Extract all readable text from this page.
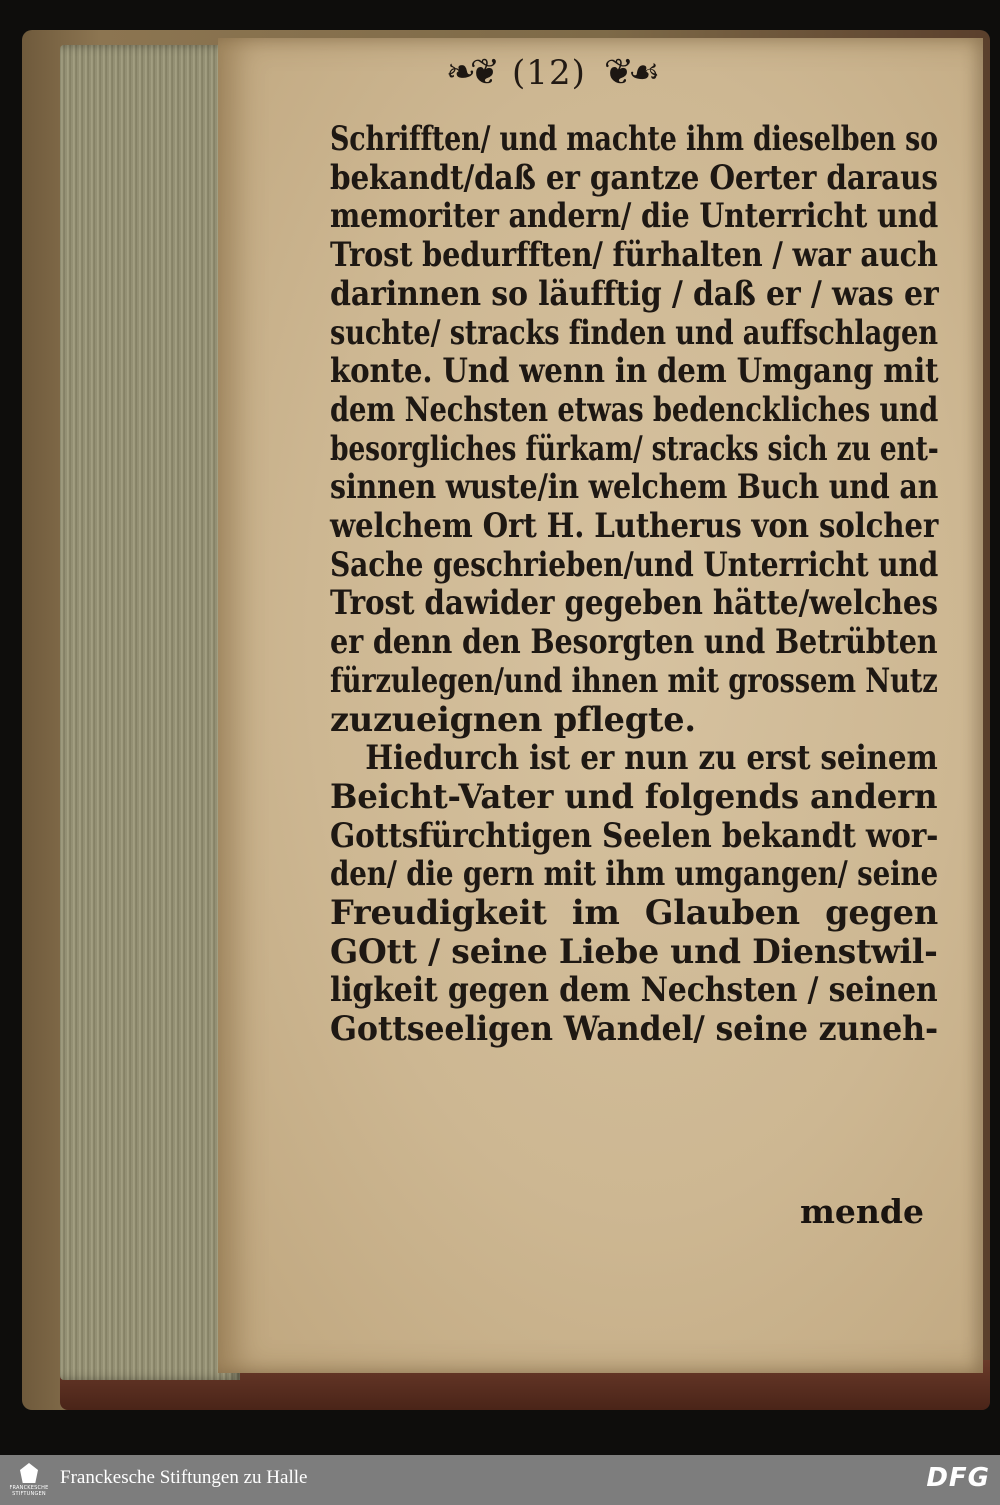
❧❦ (12) ❦☙
Schrifften/ und machte ihm dieselben so
bekandt/daß er gantze Oerter daraus
memoriter andern/ die Unterricht und
Trost bedurfften/ fürhalten / war auch
darinnen so läufftig / daß er / was er
suchte/ stracks finden und auffschlagen
konte. Und wenn in dem Umgang mit
dem Nechsten etwas bedenckliches und
besorgliches fürkam/ stracks sich zu ent-
sinnen wuste/in welchem Buch und an
welchem Ort H. Lutherus von solcher
Sache geschrieben/und Unterricht und
Trost dawider gegeben hätte/welches
er denn den Besorgten und Betrübten
fürzulegen/und ihnen mit grossem Nutz
zuzueignen pflegte.
Hiedurch ist er nun zu erst seinem
Beicht-Vater und folgends andern
Gottsfürchtigen Seelen bekandt wor-
den/ die gern mit ihm umgangen/ seine
Freudigkeit im Glauben gegen
GOtt / seine Liebe und Dienstwil-
ligkeit gegen dem Nechsten / seinen
Gottseeligen Wandel/ seine zuneh-
mende
FRANCKESCHE
STIFTUNGEN
Franckesche Stiftungen zu Halle	DFG
